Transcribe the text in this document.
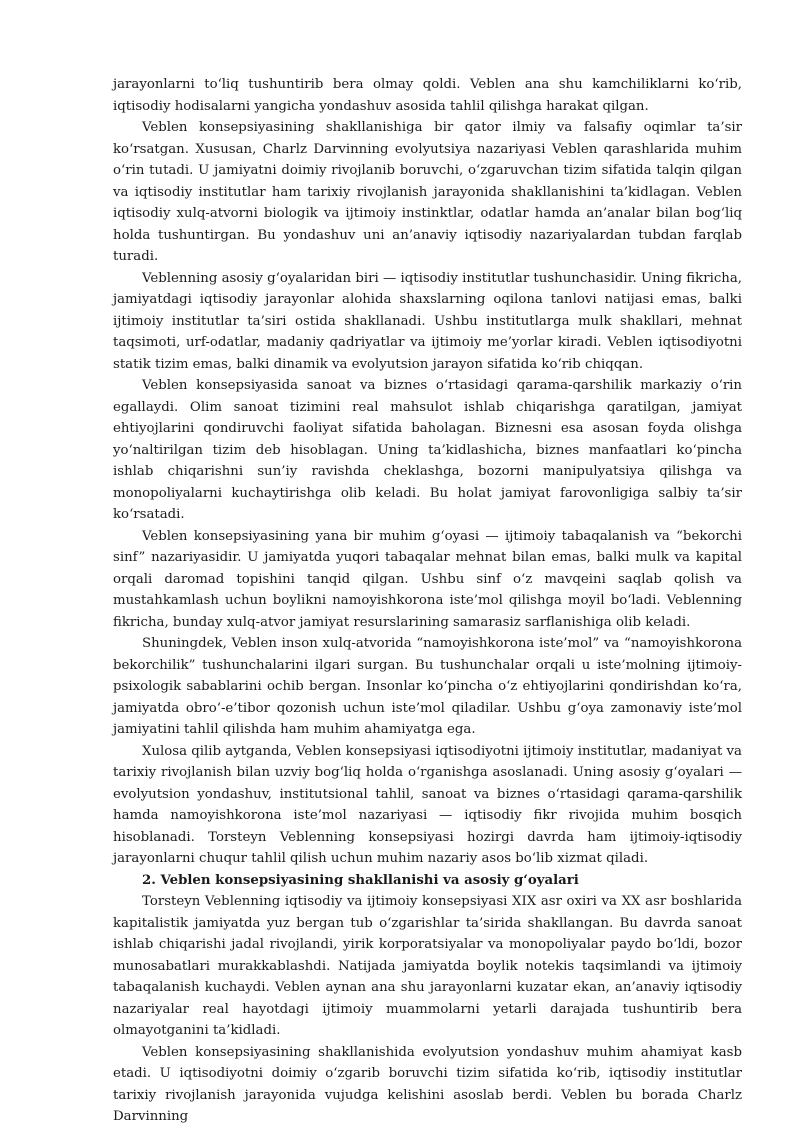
jarayonlarni to‘liq tushuntirib bera olmay qoldi. Veblen ana shu kamchiliklarni ko‘rib, iqtisodiy hodisalarni yangicha yondashuv asosida tahlil qilishga harakat qilgan.

Veblen konsepsiyasining shakllanishiga bir qator ilmiy va falsafiy oqimlar ta’sir ko‘rsatgan. Xususan, Charlz Darvinning evolyutsiya nazariyasi Veblen qarashlarida muhim o‘rin tutadi. U jamiyatni doimiy rivojlanib boruvchi, o‘zgaruvchan tizim sifatida talqin qilgan va iqtisodiy institutlar ham tarixiy rivojlanish jarayonida shakllanishini ta’kidlagan. Veblen iqtisodiy xulq-atvorni biologik va ijtimoiy instinktlar, odatlar hamda an’analar bilan bog‘liq holda tushuntirgan. Bu yondashuv uni an’anaviy iqtisodiy nazariyalardan tubdan farqlab turadi.

Veblenning asosiy g‘oyalaridan biri — iqtisodiy institutlar tushunchasidir. Uning fikricha, jamiyatdagi iqtisodiy jarayonlar alohida shaxslarning oqilona tanlovi natijasi emas, balki ijtimoiy institutlar ta’siri ostida shakllanadi. Ushbu institutlarga mulk shakllari, mehnat taqsimoti, urf-odatlar, madaniy qadriyatlar va ijtimoiy me’yorlar kiradi. Veblen iqtisodiyotni statik tizim emas, balki dinamik va evolyutsion jarayon sifatida ko‘rib chiqqan.

Veblen konsepsiyasida sanoat va biznes o‘rtasidagi qarama-qarshilik markaziy o‘rin egallaydi. Olim sanoat tizimini real mahsulot ishlab chiqarishga qaratilgan, jamiyat ehtiyojlarini qondiruvchi faoliyat sifatida baholagan. Biznesni esa asosan foyda olishga yo‘naltirilgan tizim deb hisoblagan. Uning ta’kidlashicha, biznes manfaatlari ko‘pincha ishlab chiqarishni sun’iy ravishda cheklashga, bozorni manipulyatsiya qilishga va monopoliyalarni kuchaytirishga olib keladi. Bu holat jamiyat farovonligiga salbiy ta’sir ko‘rsatadi.

Veblen konsepsiyasining yana bir muhim g‘oyasi — ijtimoiy tabaqalanish va “bekorchi sinf” nazariyasidir. U jamiyatda yuqori tabaqalar mehnat bilan emas, balki mulk va kapital orqali daromad topishini tanqid qilgan. Ushbu sinf o‘z mavqeini saqlab qolish va mustahkamlash uchun boylikni namoyishkorona iste’mol qilishga moyil bo‘ladi. Veblenning fikricha, bunday xulq-atvor jamiyat resurslarining samarasiz sarflanishiga olib keladi.

Shuningdek, Veblen inson xulq-atvorida “namoyishkorona iste’mol” va “namoyishkorona bekorchilik” tushunchalarini ilgari surgan. Bu tushunchalar orqali u iste’molning ijtimoiy-psixologik sabablarini ochib bergan. Insonlar ko‘pincha o‘z ehtiyojlarini qondirishdan ko‘ra, jamiyatda obro‘-e’tibor qozonish uchun iste’mol qiladilar. Ushbu g‘oya zamonaviy iste’mol jamiyatini tahlil qilishda ham muhim ahamiyatga ega.

Xulosa qilib aytganda, Veblen konsepsiyasi iqtisodiyotni ijtimoiy institutlar, madaniyat va tarixiy rivojlanish bilan uzviy bog‘liq holda o‘rganishga asoslanadi. Uning asosiy g‘oyalari — evolyutsion yondashuv, institutsional tahlil, sanoat va biznes o‘rtasidagi qarama-qarshilik hamda namoyishkorona iste’mol nazariyasi — iqtisodiy fikr rivojida muhim bosqich hisoblanadi. Torsteyn Veblenning konsepsiyasi hozirgi davrda ham ijtimoiy-iqtisodiy jarayonlarni chuqur tahlil qilish uchun muhim nazariy asos bo‘lib xizmat qiladi.

2. Veblen konsepsiyasining shakllanishi va asosiy g‘oyalari

Torsteyn Veblenning iqtisodiy va ijtimoiy konsepsiyasi XIX asr oxiri va XX asr boshlarida kapitalistik jamiyatda yuz bergan tub o‘zgarishlar ta’sirida shakllangan. Bu davrda sanoat ishlab chiqarishi jadal rivojlandi, yirik korporatsiyalar va monopoliyalar paydo bo‘ldi, bozor munosabatlari murakkablashdi. Natijada jamiyatda boylik notekis taqsimlandi va ijtimoiy tabaqalanish kuchaydi. Veblen aynan ana shu jarayonlarni kuzatar ekan, an’anaviy iqtisodiy nazariyalar real hayotdagi ijtimoiy muammolarni yetarli darajada tushuntirib bera olmayotganini ta’kidladi.

Veblen konsepsiyasining shakllanishida evolyutsion yondashuv muhim ahamiyat kasb etadi. U iqtisodiyotni doimiy o‘zgarib boruvchi tizim sifatida ko‘rib, iqtisodiy institutlar tarixiy rivojlanish jarayonida vujudga kelishini asoslab berdi. Veblen bu borada Charlz Darvinning
